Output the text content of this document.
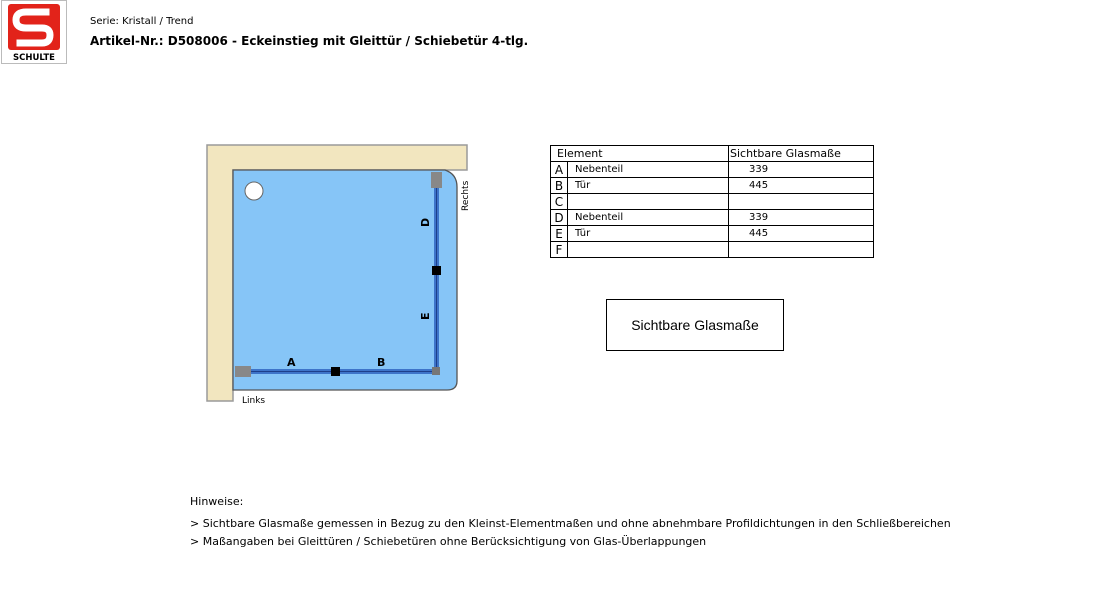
SCHULTE
Serie: Kristall / Trend
Artikel-Nr.: D508006 - Eckeinstieg mit Gleittür / Schiebetür 4-tlg.
A	B
D
E
Links
Rechts
Element		Sichtbare Glasmaße
A	Nebenteil	339
B	Tür	445
C		
D	Nebenteil	339
E	Tür	445
F		
Sichtbare Glasmaße
Hinweise:
> Sichtbare Glasmaße gemessen in Bezug zu den Kleinst-Elementmaßen und ohne abnehmbare Profildichtungen in den Schließbereichen
> Maßangaben bei Gleittüren / Schiebetüren ohne Berücksichtigung von Glas-Überlappungen
